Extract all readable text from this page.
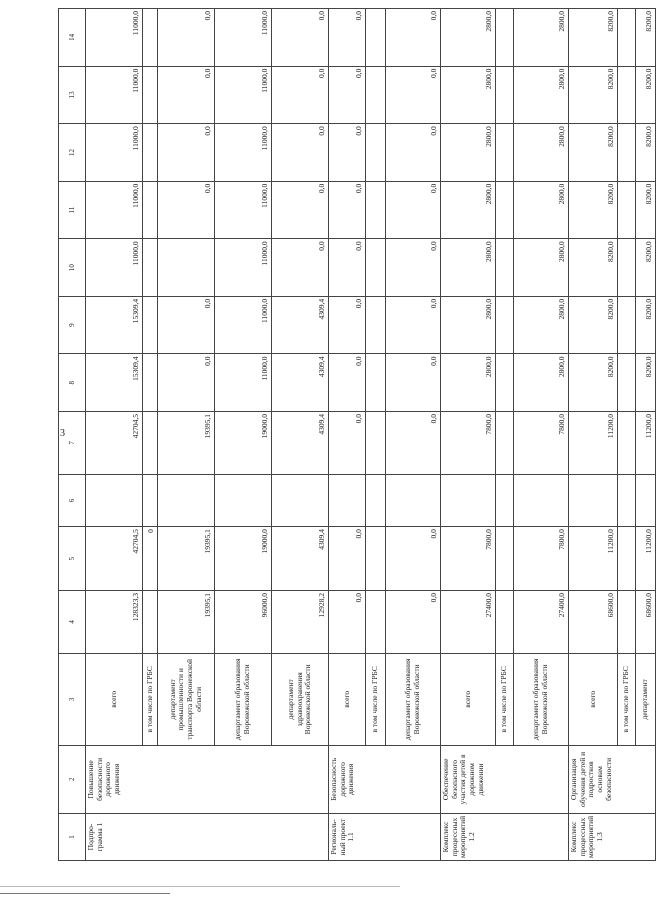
3
1	2	3	4	5	6	7	8	9	10	11	12	13	14
Подпро-грамма 1	Повышение безопасности дорожного движения	всего	128323,3	42704,5		42704,5	15309,4	15309,4	11000,0	11000,0	11000,0	11000,0	11000,0
		в том числе по ГРБС		0									
		департамент промышленности и транспорта Воронежской области	19395,1	19395,1		19395,1	0,0	0,0		0,0	0,0	0,0	0,0
		департамент образования Воронежской области	96000,0	19000,0		19000,0	11000,0	11000,0	11000,0	11000,0	11000,0	11000,0	11000,0
		департамент здравоохранения Воронежской области	12928,2	4309,4		4309,4	4309,4	4309,4	0,0	0,0	0,0	0,0	0,0
Региональ-ный проект 1.1	Безопасность дорожного движения	всего	0,0	0,0		0,0	0,0	0,0	0,0	0,0	0,0	0,0	0,0
		в том числе по ГРБС											
		департамент образования Воронежской области	0,0	0,0		0,0	0,0	0,0	0,0	0,0	0,0	0,0	0,0
Комплекс процессных мероприятий 1.2	Обеспечение безопасного участия детей в дорожном движении	всего	27400,0	7800,0		7800,0	2800,0	2800,0	2800,0	2800,0	2800,0	2800,0	2800,0
		в том числе по ГРБС											
		департамент образования Воронежской области	27400,0	7800,0		7800,0	2800,0	2800,0	2800,0	2800,0	2800,0	2800,0	2800,0
Комплекс процессных мероприятий 1.3	Организация обучения детей и подростков основам безопасности	всего	68600,0	11200,0		11200,0	8200,0	8200,0	8200,0	8200,0	8200,0	8200,0	8200,0
		в том числе по ГРБС											
		департамент	68600,0	11200,0		11200,0	8200,0	8200,0	8200,0	8200,0	8200,0	8200,0	8200,0
